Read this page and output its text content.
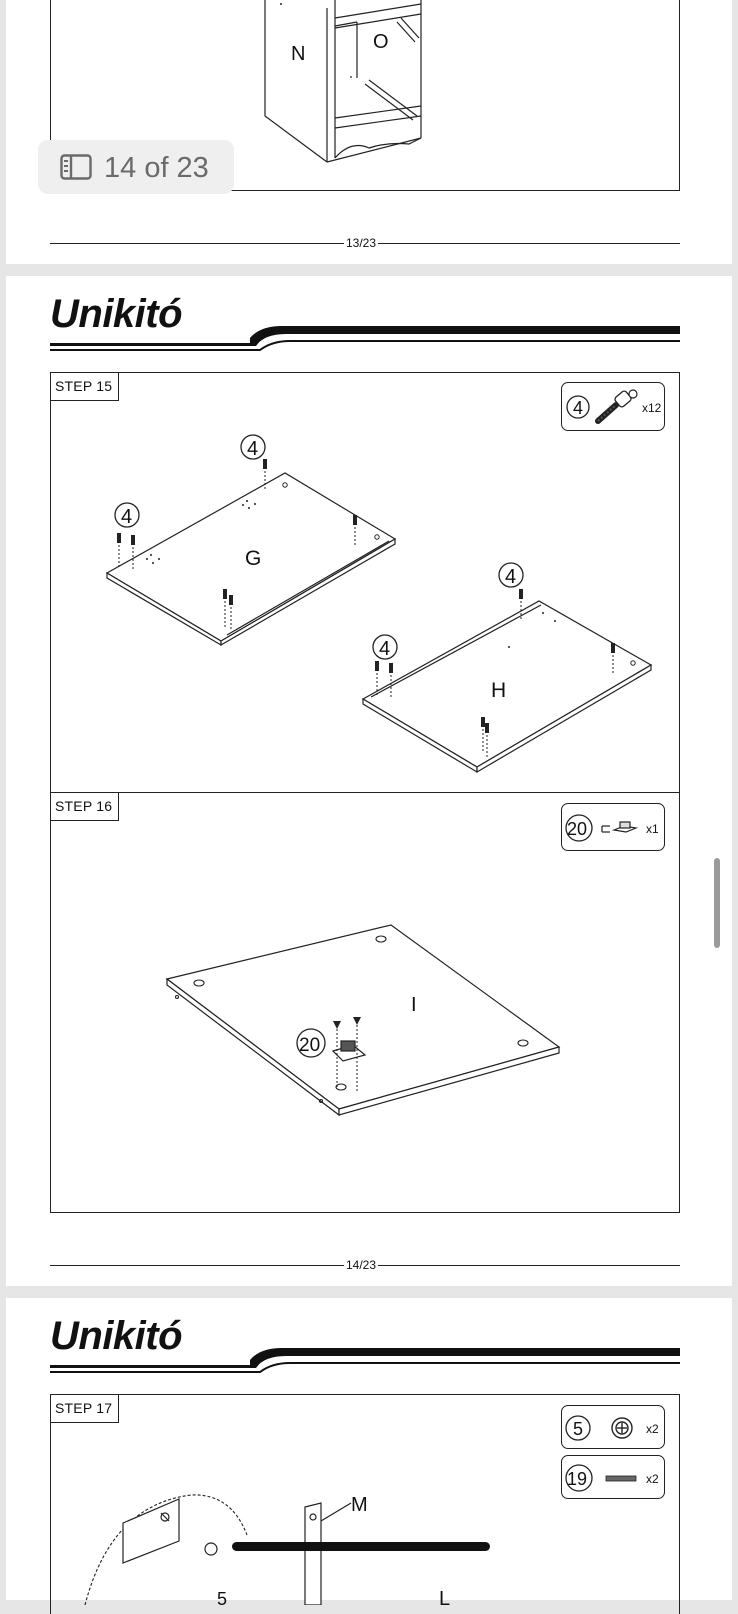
N
O
13/23
14 of 23
Unikitó
STEP 15
4	x12
4
4
4
4
G
H
STEP 16
20	x1
20
I
14/23
Unikitó
STEP 17
5	x2
19	x2
M
L
5
